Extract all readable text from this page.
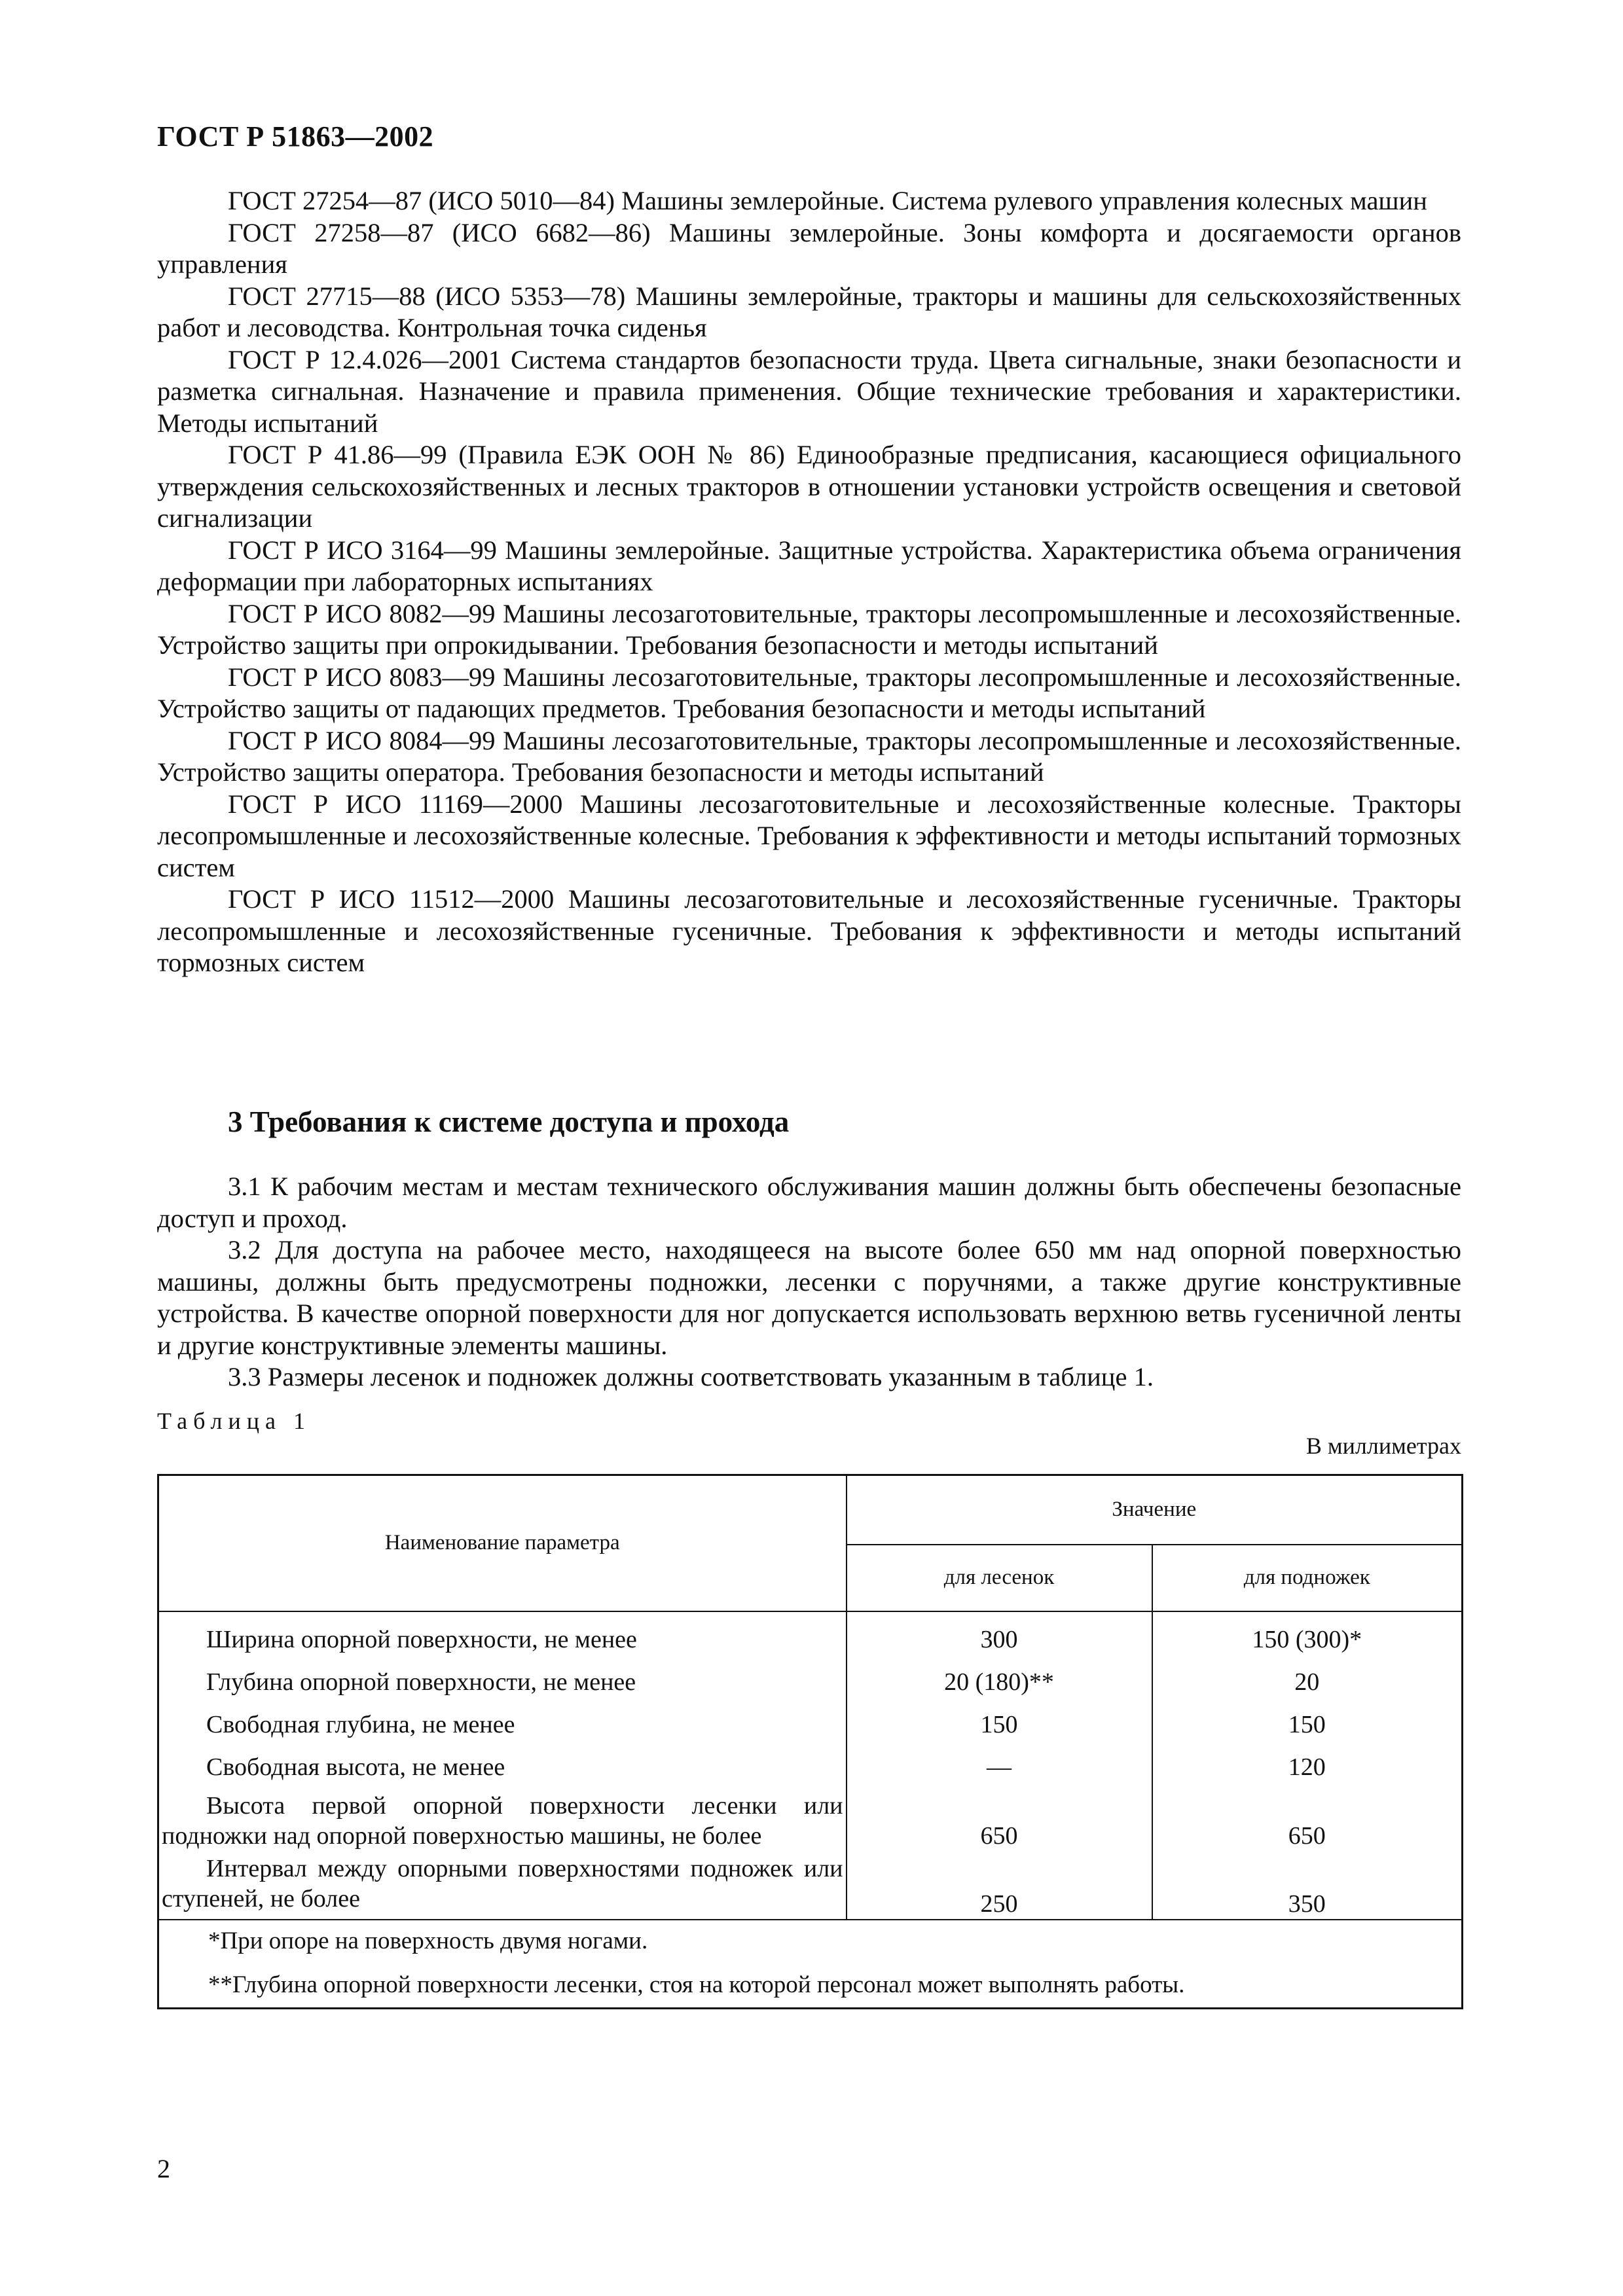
ГОСТ Р 51863—2002

ГОСТ 27254—87 (ИСО 5010—84) Машины землеройные. Система рулевого управления колесных машин

ГОСТ 27258—87 (ИСО 6682—86) Машины землеройные. Зоны комфорта и досягаемости органов управления

ГОСТ 27715—88 (ИСО 5353—78) Машины землеройные, тракторы и машины для сельскохозяйственных работ и лесоводства. Контрольная точка сиденья

ГОСТ Р 12.4.026—2001 Система стандартов безопасности труда. Цвета сигнальные, знаки безопасности и разметка сигнальная. Назначение и правила применения. Общие технические требования и характеристики. Методы испытаний

ГОСТ Р 41.86—99 (Правила ЕЭК ООН № 86) Единообразные предписания, касающиеся официального утверждения сельскохозяйственных и лесных тракторов в отношении установки устройств освещения и световой сигнализации

ГОСТ Р ИСО 3164—99 Машины землеройные. Защитные устройства. Характеристика объема ограничения деформации при лабораторных испытаниях

ГОСТ Р ИСО 8082—99 Машины лесозаготовительные, тракторы лесопромышленные и лесохозяйственные. Устройство защиты при опрокидывании. Требования безопасности и методы испытаний

ГОСТ Р ИСО 8083—99 Машины лесозаготовительные, тракторы лесопромышленные и лесохозяйственные. Устройство защиты от падающих предметов. Требования безопасности и методы испытаний

ГОСТ Р ИСО 8084—99 Машины лесозаготовительные, тракторы лесопромышленные и лесохозяйственные. Устройство защиты оператора. Требования безопасности и методы испытаний

ГОСТ Р ИСО 11169—2000 Машины лесозаготовительные и лесохозяйственные колесные. Тракторы лесопромышленные и лесохозяйственные колесные. Требования к эффективности и методы испытаний тормозных систем

ГОСТ Р ИСО 11512—2000 Машины лесозаготовительные и лесохозяйственные гусеничные. Тракторы лесопромышленные и лесохозяйственные гусеничные. Требования к эффективности и методы испытаний тормозных систем

3 Требования к системе доступа и прохода

3.1 К рабочим местам и местам технического обслуживания машин должны быть обеспечены безопасные доступ и проход.

3.2 Для доступа на рабочее место, находящееся на высоте более 650 мм над опорной поверхностью машины, должны быть предусмотрены подножки, лесенки с поручнями, а также другие конструктивные устройства. В качестве опорной поверхности для ног допускается использовать верхнюю ветвь гусеничной ленты и другие конструктивные элементы машины.

3.3 Размеры лесенок и подножек должны соответствовать указанным в таблице 1.

Таблица 1
В миллиметрах
Наименование параметра	Значение	
	для лесенок	для подножек
Ширина опорной поверхности, не менее	300	150 (300)*
Глубина опорной поверхности, не менее	20 (180)**	20
Свободная глубина, не менее	150	150
Свободная высота, не менее	—	120
Высота первой опорной поверхности лесенки или подножки над опорной поверхностью машины, не более	650	650
Интервал между опорными поверхностями подножек или ступеней, не более	250	350
*При опоре на поверхность двумя ногами.		
**Глубина опорной поверхности лесенки, стоя на которой персонал может выполнять работы.		
2
